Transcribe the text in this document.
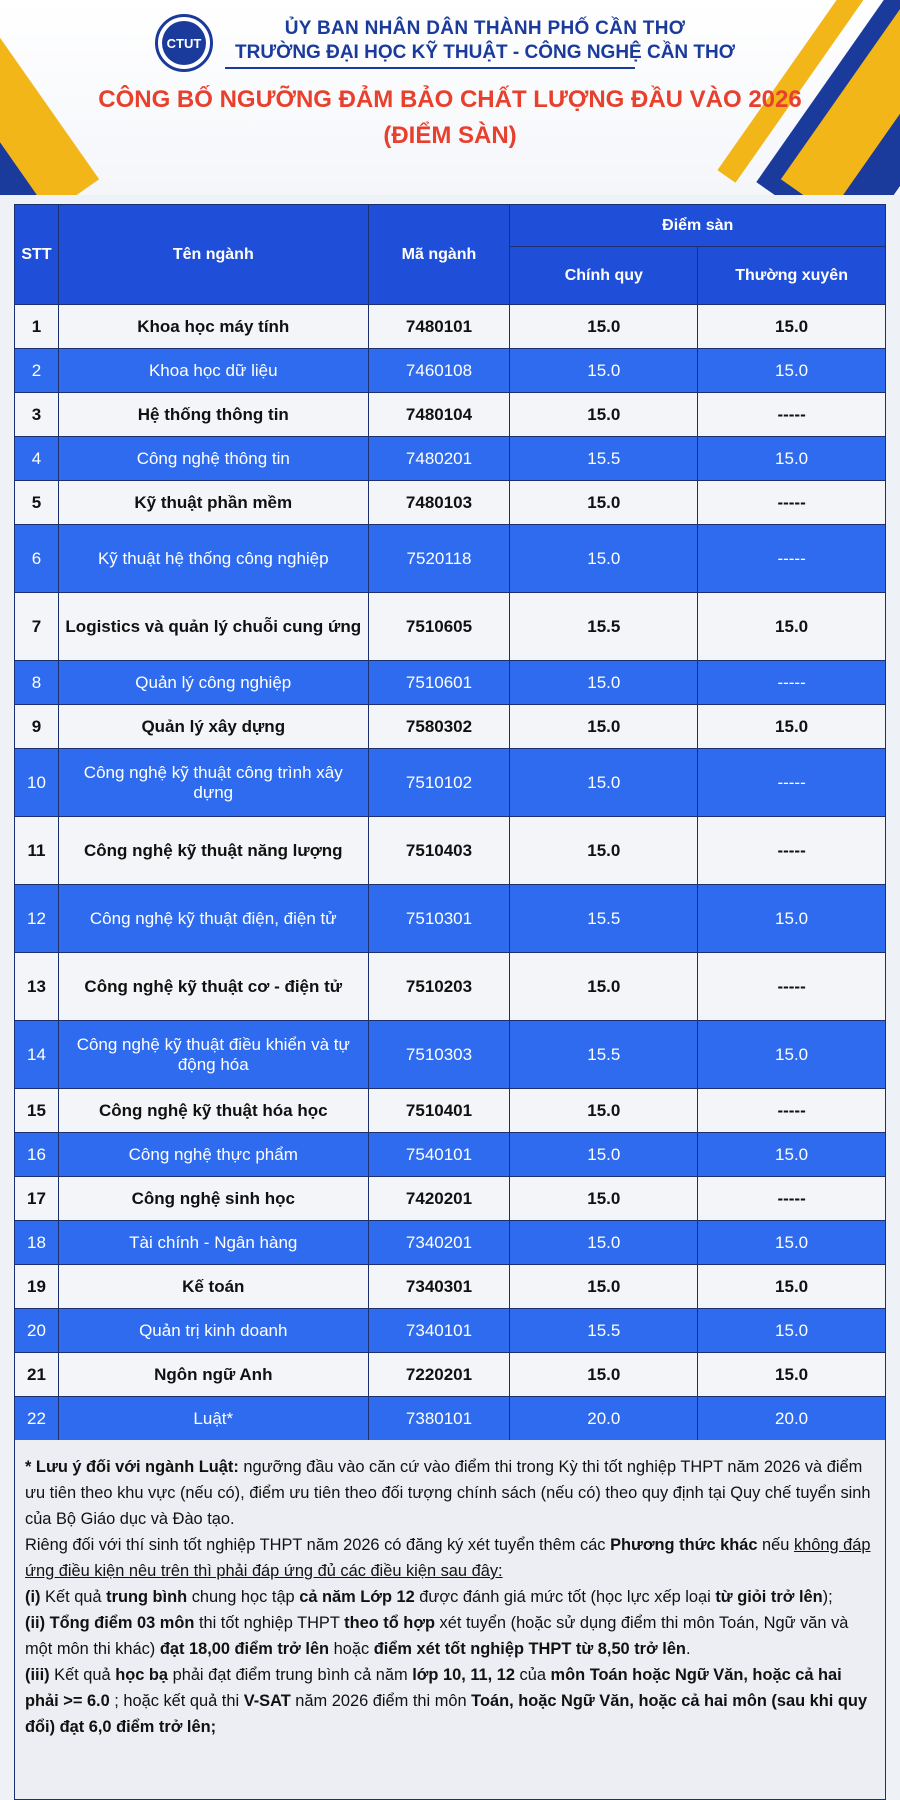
CTUT
ỦY BAN NHÂN DÂN THÀNH PHỐ CẦN THƠ
TRƯỜNG ĐẠI HỌC KỸ THUẬT - CÔNG NGHỆ CẦN THƠ
CÔNG BỐ NGƯỠNG ĐẢM BẢO CHẤT LƯỢNG ĐẦU VÀO 2026
(ĐIỂM SÀN)
STT	Tên ngành	Mã ngành	Điểm sàn	
			Chính quy	Thường xuyên
1	Khoa học máy tính	7480101	15.0	15.0
2	Khoa học dữ liệu	7460108	15.0	15.0
3	Hệ thống thông tin	7480104	15.0	-----
4	Công nghệ thông tin	7480201	15.5	15.0
5	Kỹ thuật phần mềm	7480103	15.0	-----
6	Kỹ thuật hệ thống công nghiệp	7520118	15.0	-----
7	Logistics và quản lý chuỗi cung ứng	7510605	15.5	15.0
8	Quản lý công nghiệp	7510601	15.0	-----
9	Quản lý xây dựng	7580302	15.0	15.0
10	Công nghệ kỹ thuật công trình xây dựng	7510102	15.0	-----
11	Công nghệ kỹ thuật năng lượng	7510403	15.0	-----
12	Công nghệ kỹ thuật điện, điện tử	7510301	15.5	15.0
13	Công nghệ kỹ thuật cơ - điện tử	7510203	15.0	-----
14	Công nghệ kỹ thuật điều khiển và tự động hóa	7510303	15.5	15.0
15	Công nghệ kỹ thuật hóa học	7510401	15.0	-----
16	Công nghệ thực phẩm	7540101	15.0	15.0
17	Công nghệ sinh học	7420201	15.0	-----
18	Tài chính - Ngân hàng	7340201	15.0	15.0
19	Kế toán	7340301	15.0	15.0
20	Quản trị kinh doanh	7340101	15.5	15.0
21	Ngôn ngữ Anh	7220201	15.0	15.0
22	Luật*	7380101	20.0	20.0

* Lưu ý đối với ngành Luật: ngưỡng đầu vào căn cứ vào điểm thi trong Kỳ thi tốt nghiệp THPT năm 2026 và điểm ưu tiên theo khu vực (nếu có), điểm ưu tiên theo đối tượng chính sách (nếu có) theo quy định tại Quy chế tuyển sinh của Bộ Giáo dục và Đào tạo.

Riêng đối với thí sinh tốt nghiệp THPT năm 2026 có đăng ký xét tuyển thêm các Phương thức khác nếu không đáp ứng điều kiện nêu trên thì phải đáp ứng đủ các điều kiện sau đây:

(i) Kết quả trung bình chung học tập cả năm Lớp 12 được đánh giá mức tốt (học lực xếp loại từ giỏi trở lên);

(ii) Tổng điểm 03 môn thi tốt nghiệp THPT theo tổ hợp xét tuyển (hoặc sử dụng điểm thi môn Toán, Ngữ văn và một môn thi khác) đạt 18,00 điểm trở lên hoặc điểm xét tốt nghiệp THPT từ 8,50 trở lên.

(iii) Kết quả học bạ phải đạt điểm trung bình cả năm lớp 10, 11, 12 của môn Toán hoặc Ngữ Văn, hoặc cả hai phải >= 6.0 ; hoặc kết quả thi V-SAT năm 2026 điểm thi môn Toán, hoặc Ngữ Văn, hoặc cả hai môn (sau khi quy đổi) đạt 6,0 điểm trở lên;
